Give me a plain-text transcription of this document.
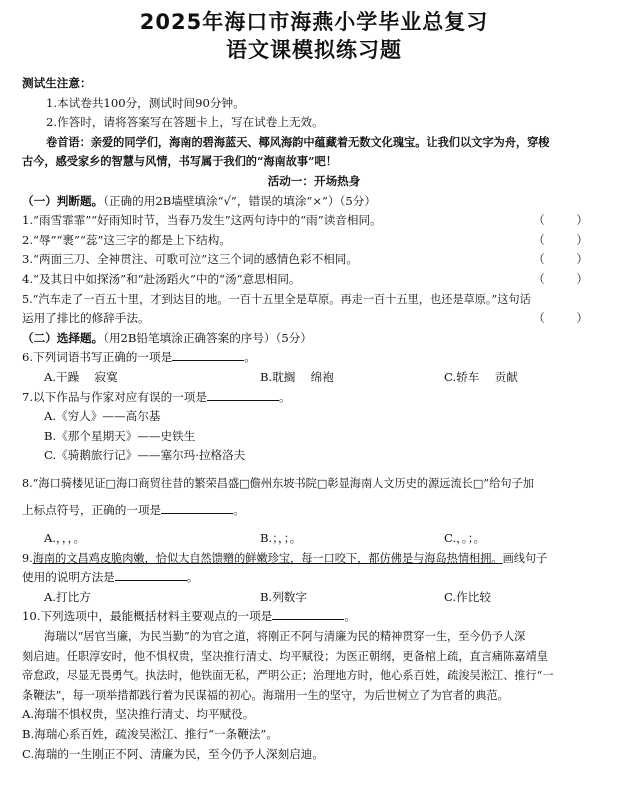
2025年海口市海燕小学毕业总复习
语文课模拟练习题
测试生注意：
1.本试卷共100分，测试时间90分钟。
2.作答时，请将答案写在答题卡上，写在试卷上无效。
卷首语：亲爱的同学们，海南的碧海蓝天、椰风海韵中蕴藏着无数文化瑰宝。让我们以文字为舟，穿梭
古今，感受家乡的智慧与风情，书写属于我们的“海南故事”吧！
活动一：开场热身
（一）判断题。（正确的用2B墙壁填涂“√”，错误的填涂“×”）（5分）
1.“雨雪霏霏”“好雨知时节，当春乃发生”这两句诗中的“雨”读音相同。	（ ）
2.“辱”“裹”“蕊”这三字的都是上下结构。	（ ）
3.“两面三刀、全神贯注、可歌可泣”这三个词的感情色彩不相同。	（ ）
4.“及其日中如探汤”和“赴汤蹈火”中的“汤”意思相同。	（ ）
5.“汽车走了一百五十里，才到达目的地。一百十五里全是草原。再走一百十五里，也还是草原。”这句话
运用了排比的修辞手法。	（ ）
（二）选择题。（用2B铅笔填涂正确答案的序号）（5分）
6.下列词语书写正确的一项是	。
A.干躁　 寂寞	B.耽搁　 绵袍	C.轿车　 贡献
7.以下作品与作家对应有误的一项是	。
A.《穷人》——高尔基
B.《那个星期天》——史铁生
C.《骑鹅旅行记》——塞尔玛·拉格洛夫
8.“海口骑楼见证□海口商贸往昔的繁荣昌盛□儋州东坡书院□彰显海南人文历史的源远流长□”给句子加
上标点符号，正确的一项是	。
A.，，，。	B.；，；。	C.，。；。
9.海南的文昌鸡皮脆肉嫩，恰似大自然馈赠的鲜嫩珍宝，每一口咬下，都仿佛是与海岛热情相拥。画线句子
使用的说明方法是	。
A.打比方	B.列数字	C.作比较
10.下列选项中，最能概括材料主要观点的一项是	。
海瑞以“居官当廉，为民当勤”的为官之道，将刚正不阿与清廉为民的精神贯穿一生，至今仍予人深
刻启迪。任职淳安时，他不惧权贵，坚决推行清丈、均平赋役；为医正朝纲，更备棺上疏，直言痛陈嘉靖皇
帝怠政，尽显无畏勇气。执法时，他铁面无私，严明公正；治理地方时，他心系百姓，疏浚吴淞江、推行“一
条鞭法”，每一项举措都践行着为民谋福的初心。海瑞用一生的坚守，为后世树立了为官者的典范。
A.海瑞不惧权贵，坚决推行清丈、均平赋役。
B.海瑞心系百姓，疏浚吴淞江、推行“一条鞭法”。
C.海瑞的一生刚正不阿、清廉为民，至今仍予人深刻启迪。
